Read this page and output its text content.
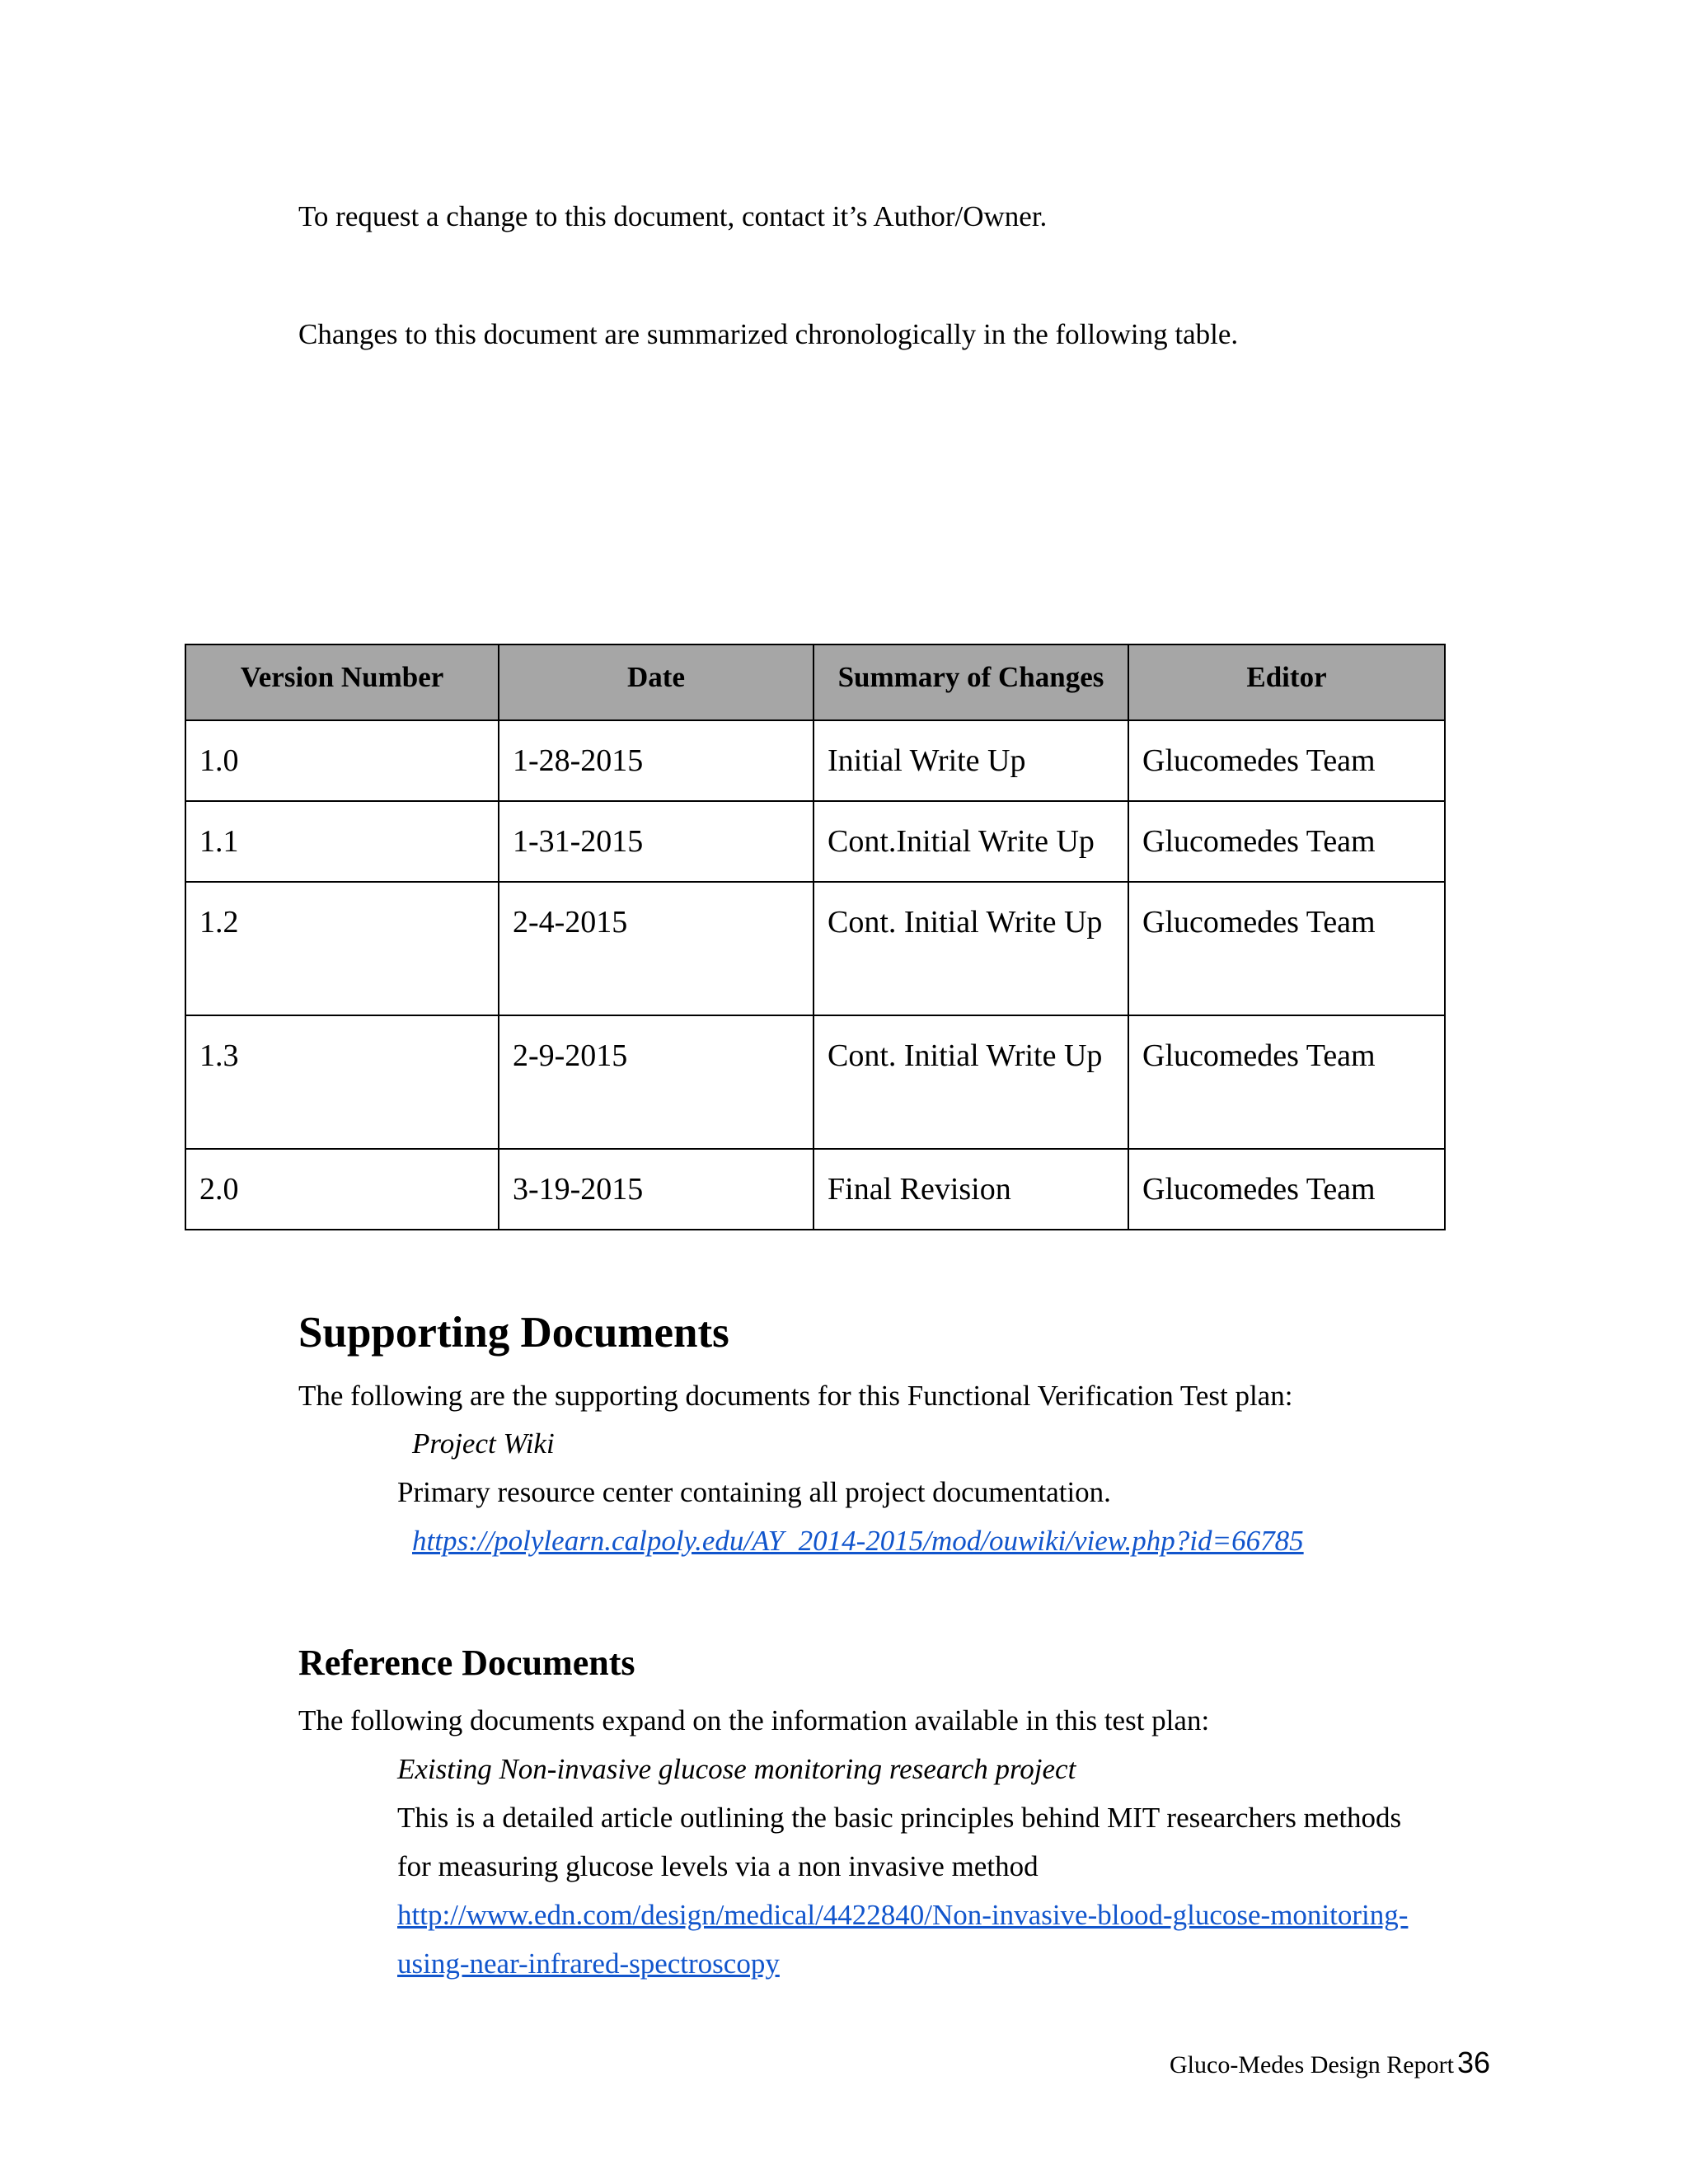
To request a change to this document, contact it’s Author/Owner.
Changes to this document are summarized chronologically in the following table.
Version Number	Date	Summary of Changes	Editor
1.0	1-28-2015	Initial Write Up	Glucomedes Team
1.1	1-31-2015	Cont.Initial Write Up	Glucomedes Team
1.2	2-4-2015	Cont. Initial Write Up	Glucomedes Team
1.3	2-9-2015	Cont. Initial Write Up	Glucomedes Team
2.0	3-19-2015	Final Revision	Glucomedes Team
Supporting Documents
The following are the supporting documents for this Functional Verification Test plan:
Project Wiki
Primary resource center containing all project documentation.
https://polylearn.calpoly.edu/AY_2014-2015/mod/ouwiki/view.php?id=66785
Reference Documents
The following documents expand on the information available in this test plan:
Existing Non-invasive glucose monitoring research project
This is a detailed article outlining the basic principles behind MIT researchers methods
for measuring glucose levels via a non invasive method
http://www.edn.com/design/medical/4422840/Non-invasive-blood-glucose-monitoring-
using-near-infrared-spectroscopy
Gluco-Medes Design Report 36
